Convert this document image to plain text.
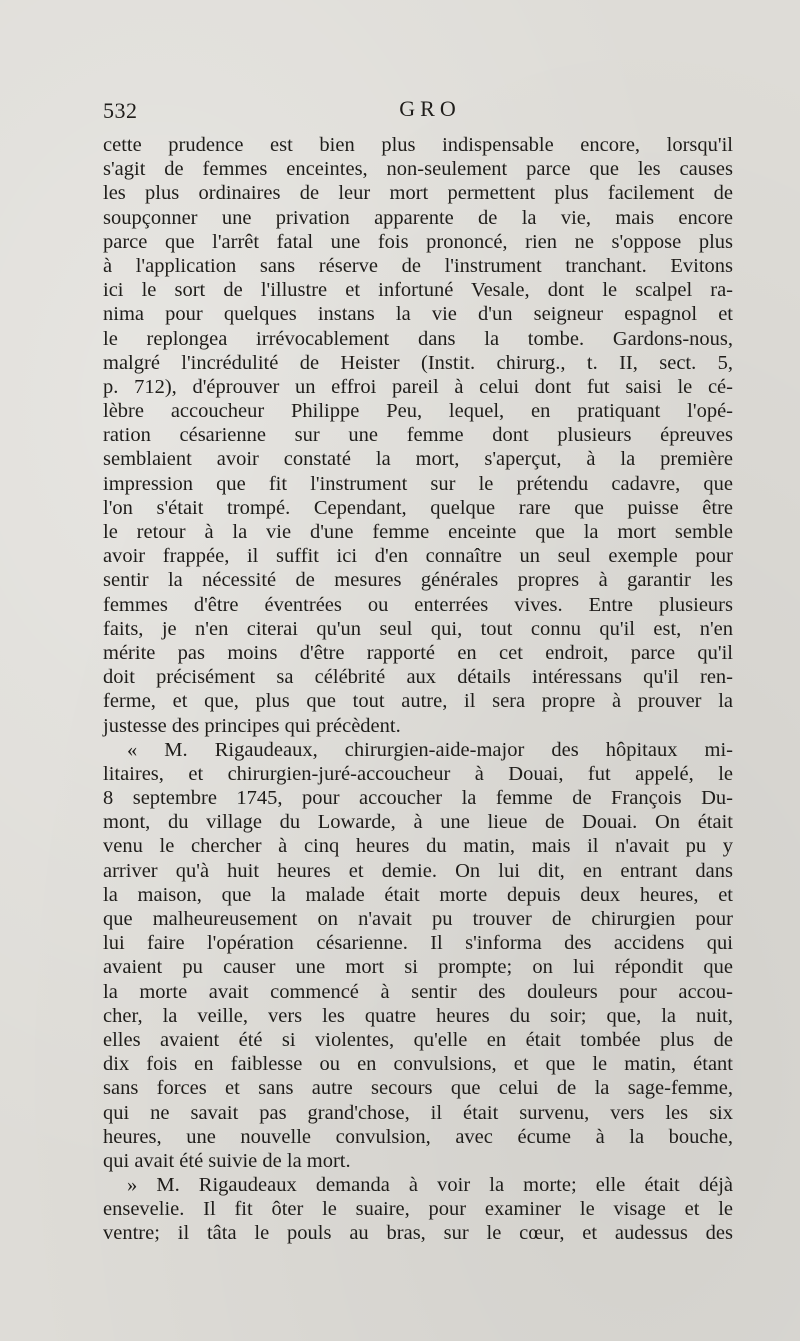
532	GRO
cette prudence est bien plus indispensable encore, lorsqu'il
s'agit de femmes enceintes, non-seulement parce que les causes
les plus ordinaires de leur mort permettent plus facilement de
soupçonner une privation apparente de la vie, mais encore
parce que l'arrêt fatal une fois prononcé, rien ne s'oppose plus
à l'application sans réserve de l'instrument tranchant. Evitons
ici le sort de l'illustre et infortuné Vesale, dont le scalpel ra-
nima pour quelques instans la vie d'un seigneur espagnol et
le replongea irrévocablement dans la tombe. Gardons-nous,
malgré l'incrédulité de Heister (Instit. chirurg., t. II, sect. 5,
p. 712), d'éprouver un effroi pareil à celui dont fut saisi le cé-
lèbre accoucheur Philippe Peu, lequel, en pratiquant l'opé-
ration césarienne sur une femme dont plusieurs épreuves
semblaient avoir constaté la mort, s'aperçut, à la première
impression que fit l'instrument sur le prétendu cadavre, que
l'on s'était trompé. Cependant, quelque rare que puisse être
le retour à la vie d'une femme enceinte que la mort semble
avoir frappée, il suffit ici d'en connaître un seul exemple pour
sentir la nécessité de mesures générales propres à garantir les
femmes d'être éventrées ou enterrées vives. Entre plusieurs
faits, je n'en citerai qu'un seul qui, tout connu qu'il est, n'en
mérite pas moins d'être rapporté en cet endroit, parce qu'il
doit précisément sa célébrité aux détails intéressans qu'il ren-
ferme, et que, plus que tout autre, il sera propre à prouver la
justesse des principes qui précèdent.
« M. Rigaudeaux, chirurgien-aide-major des hôpitaux mi-
litaires, et chirurgien-juré-accoucheur à Douai, fut appelé, le
8 septembre 1745, pour accoucher la femme de François Du-
mont, du village du Lowarde, à une lieue de Douai. On était
venu le chercher à cinq heures du matin, mais il n'avait pu y
arriver qu'à huit heures et demie. On lui dit, en entrant dans
la maison, que la malade était morte depuis deux heures, et
que malheureusement on n'avait pu trouver de chirurgien pour
lui faire l'opération césarienne. Il s'informa des accidens qui
avaient pu causer une mort si prompte; on lui répondit que
la morte avait commencé à sentir des douleurs pour accou-
cher, la veille, vers les quatre heures du soir; que, la nuit,
elles avaient été si violentes, qu'elle en était tombée plus de
dix fois en faiblesse ou en convulsions, et que le matin, étant
sans forces et sans autre secours que celui de la sage-femme,
qui ne savait pas grand'chose, il était survenu, vers les six
heures, une nouvelle convulsion, avec écume à la bouche,
qui avait été suivie de la mort.
» M. Rigaudeaux demanda à voir la morte; elle était déjà
ensevelie. Il fit ôter le suaire, pour examiner le visage et le
ventre; il tâta le pouls au bras, sur le cœur, et audessus des
